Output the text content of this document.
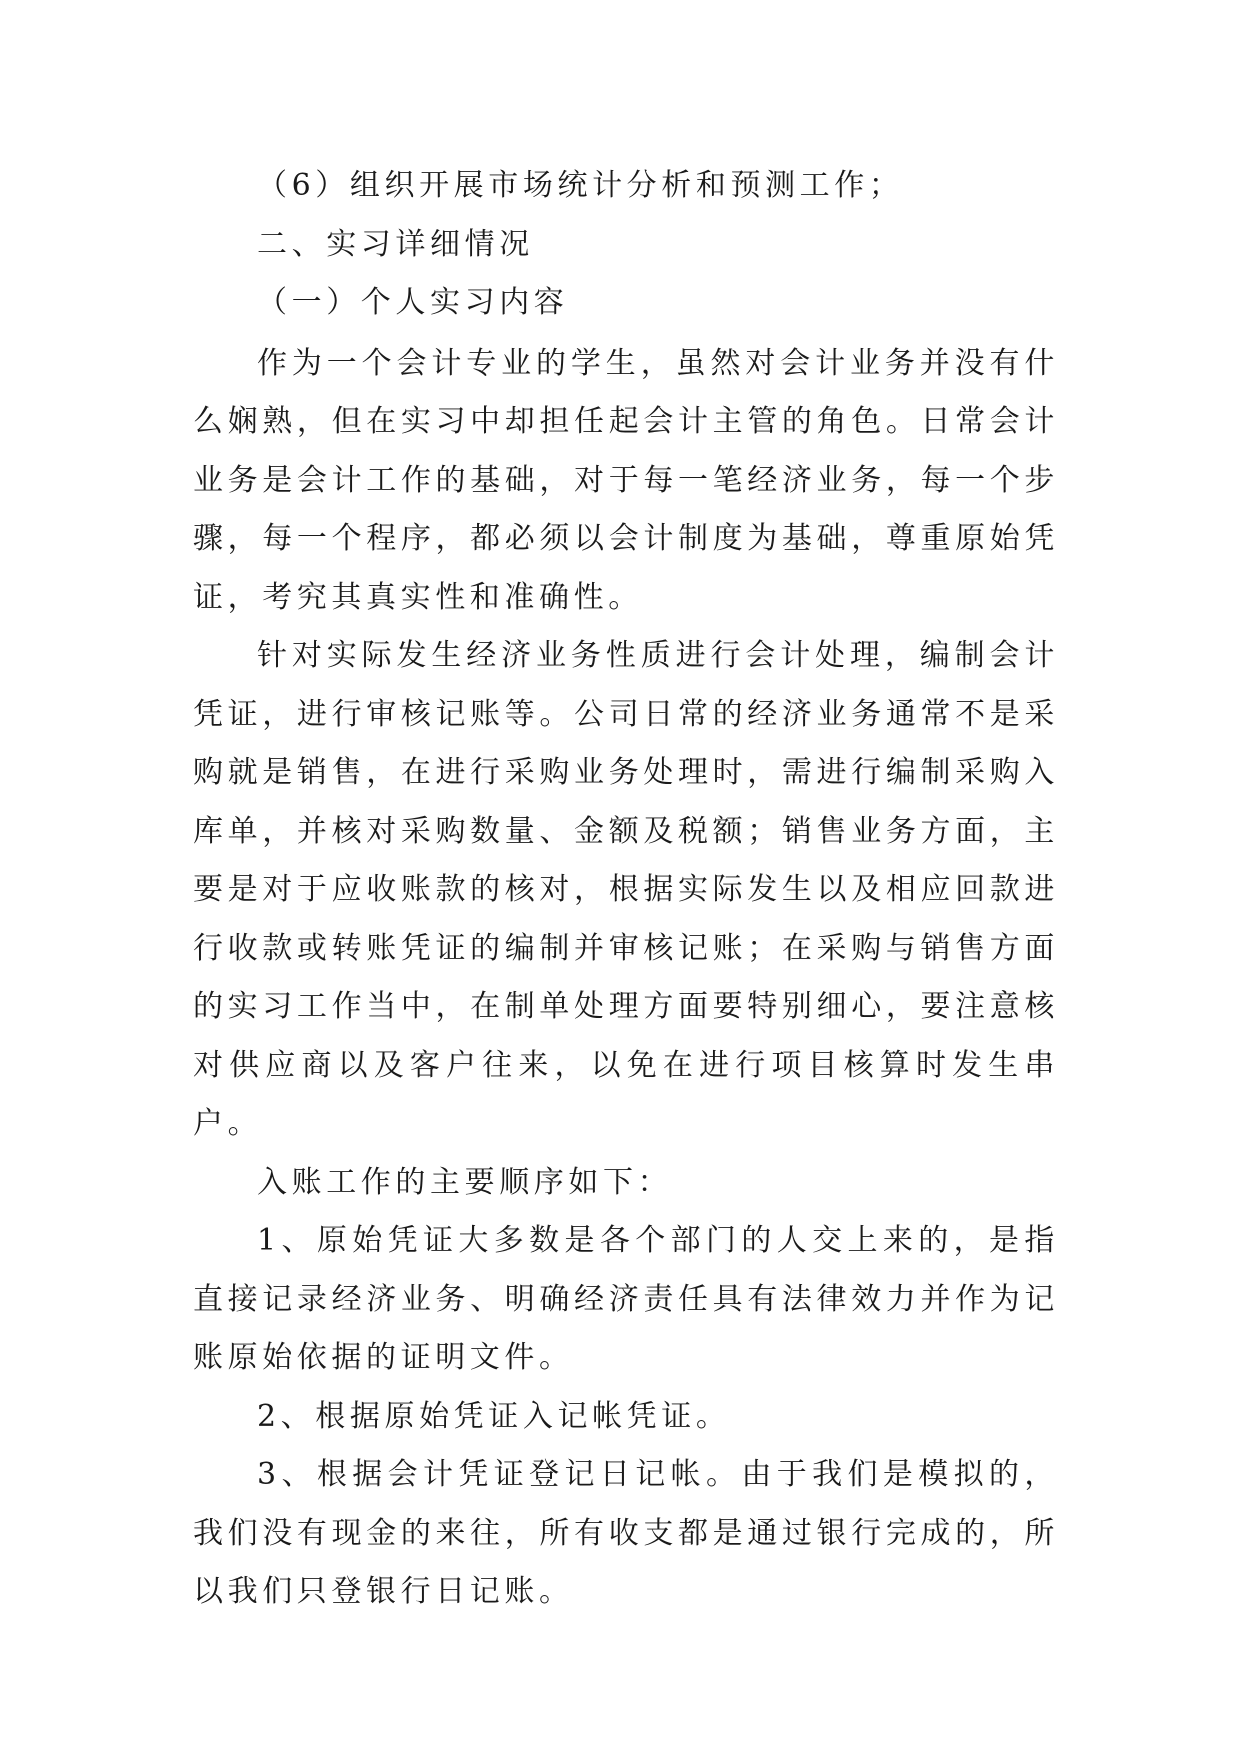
（6）组织开展市场统计分析和预测工作；

二、实习详细情况

（一）个人实习内容

作为一个会计专业的学生，虽然对会计业务并没有什么娴熟，但在实习中却担任起会计主管的角色。日常会计业务是会计工作的基础，对于每一笔经济业务，每一个步骤，每一个程序，都必须以会计制度为基础，尊重原始凭证，考究其真实性和准确性。

针对实际发生经济业务性质进行会计处理，编制会计凭证，进行审核记账等。公司日常的经济业务通常不是采购就是销售，在进行采购业务处理时，需进行编制采购入库单，并核对采购数量、金额及税额；销售业务方面，主要是对于应收账款的核对，根据实际发生以及相应回款进行收款或转账凭证的编制并审核记账；在采购与销售方面的实习工作当中，在制单处理方面要特别细心，要注意核对供应商以及客户往来，以免在进行项目核算时发生串户。

入账工作的主要顺序如下：

1、原始凭证大多数是各个部门的人交上来的，是指直接记录经济业务、明确经济责任具有法律效力并作为记账原始依据的证明文件。

2、根据原始凭证入记帐凭证。

3、根据会计凭证登记日记帐。由于我们是模拟的，我们没有现金的来往，所有收支都是通过银行完成的，所以我们只登银行日记账。
